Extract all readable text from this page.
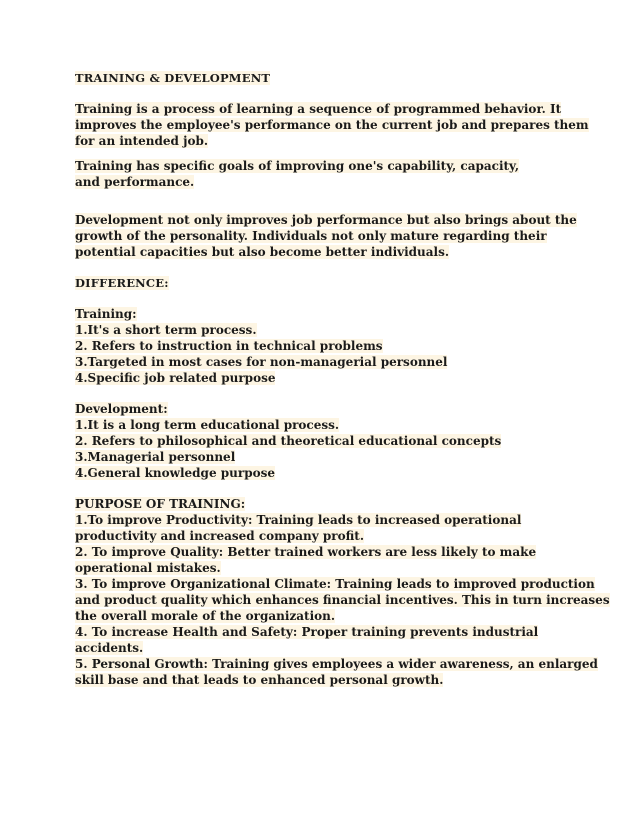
TRAINING & DEVELOPMENT
Training is a process of learning a sequence of programmed behavior. It
improves the employee's performance on the current job and prepares them
for an intended job.
Training has specific goals of improving one's capability, capacity,
and performance.
Development not only improves job performance but also brings about the
growth of the personality. Individuals not only mature regarding their
potential capacities but also become better individuals.
DIFFERENCE:
Training:
1.It's a short term process.
2. Refers to instruction in technical problems
3.Targeted in most cases for non-managerial personnel
4.Specific job related purpose
Development:
1.It is a long term educational process.
2. Refers to philosophical and theoretical educational concepts
3.Managerial personnel
4.General knowledge purpose
PURPOSE OF TRAINING:
1.To improve Productivity: Training leads to increased operational
productivity and increased company profit.
2. To improve Quality: Better trained workers are less likely to make
operational mistakes.
3. To improve Organizational Climate: Training leads to improved production
and product quality which enhances financial incentives. This in turn increases
the overall morale of the organization.
4. To increase Health and Safety: Proper training prevents industrial
accidents.
5. Personal Growth: Training gives employees a wider awareness, an enlarged
skill base and that leads to enhanced personal growth.
